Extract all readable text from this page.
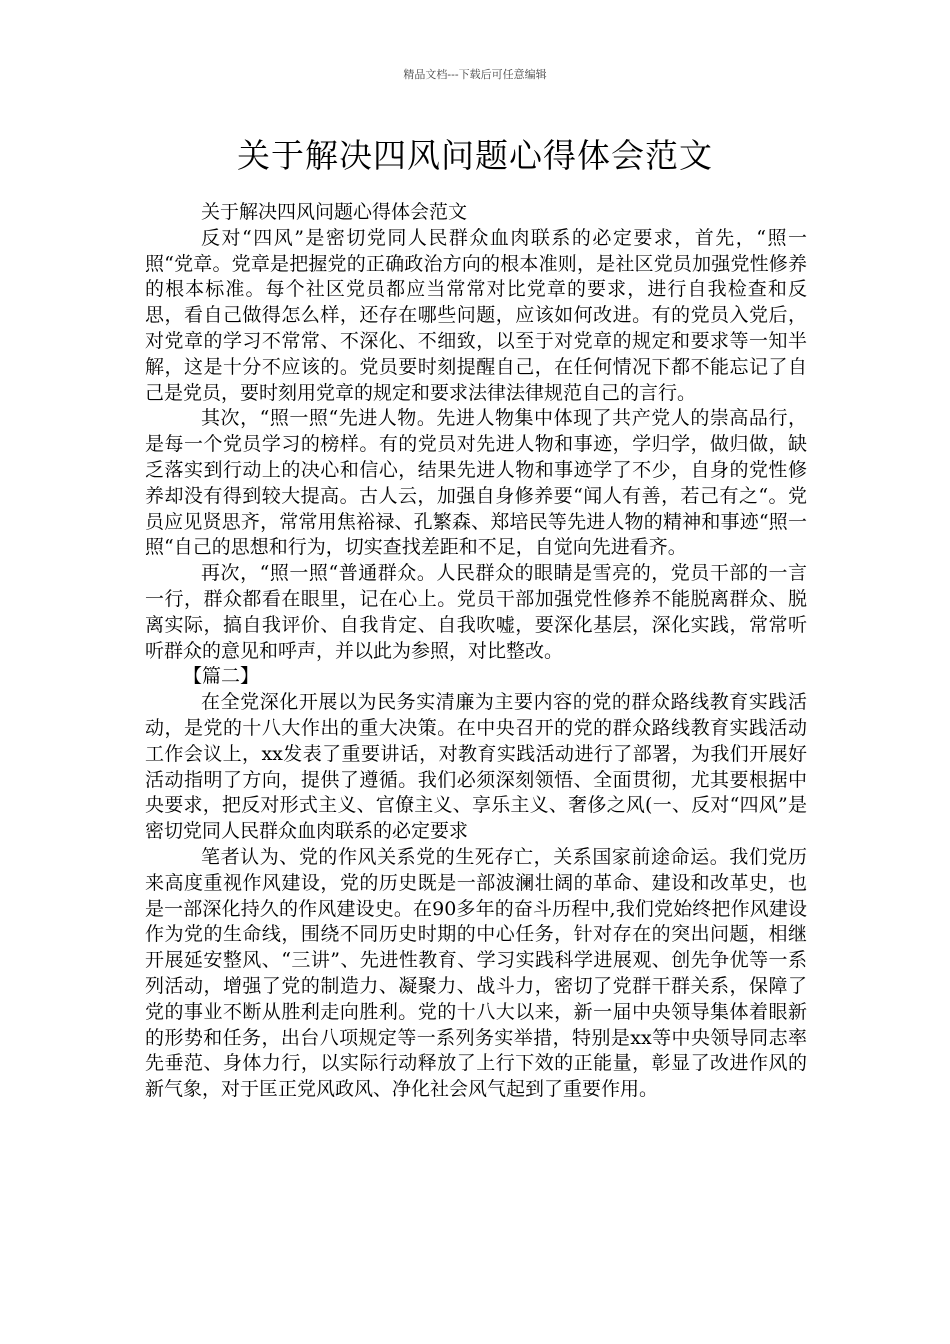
精品文档---下载后可任意编辑
关于解决四风问题心得体会范文

关于解决四风问题心得体会范文

反对“四风”是密切党同人民群众血肉联系的必定要求，首先，“照一照“党章。党章是把握党的正确政治方向的根本准则，是社区党员加强党性修养的根本标准。每个社区党员都应当常常对比党章的要求，进行自我检查和反思，看自己做得怎么样，还存在哪些问题，应该如何改进。有的党员入党后，对党章的学习不常常、不深化、不细致，以至于对党章的规定和要求等一知半解，这是十分不应该的。党员要时刻提醒自己，在任何情况下都不能忘记了自己是党员，要时刻用党章的规定和要求法律法律规范自己的言行。

其次，“照一照“先进人物。先进人物集中体现了共产党人的崇高品行，是每一个党员学习的榜样。有的党员对先进人物和事迹，学归学，做归做，缺乏落实到行动上的决心和信心，结果先进人物和事迹学了不少，自身的党性修养却没有得到较大提高。古人云，加强自身修养要“闻人有善，若己有之“。党员应见贤思齐，常常用焦裕禄、孔繁森、郑培民等先进人物的精神和事迹“照一照“自己的思想和行为，切实查找差距和不足，自觉向先进看齐。

再次，“照一照“普通群众。人民群众的眼睛是雪亮的，党员干部的一言一行，群众都看在眼里，记在心上。党员干部加强党性修养不能脱离群众、脱离实际，搞自我评价、自我肯定、自我吹嘘，要深化基层，深化实践，常常听听群众的意见和呼声，并以此为参照，对比整改。

【篇二】

在全党深化开展以为民务实清廉为主要内容的党的群众路线教育实践活动，是党的十八大作出的重大决策。在中央召开的党的群众路线教育实践活动工作会议上，xx发表了重要讲话，对教育实践活动进行了部署，为我们开展好活动指明了方向，提供了遵循。我们必须深刻领悟、全面贯彻，尤其要根据中央要求，把反对形式主义、官僚主义、享乐主义、奢侈之风(一、反对“四风”是密切党同人民群众血肉联系的必定要求

笔者认为、党的作风关系党的生死存亡，关系国家前途命运。我们党历来高度重视作风建设，党的历史既是一部波澜壮阔的革命、建设和改革史，也是一部深化持久的作风建设史。在90多年的奋斗历程中,我们党始终把作风建设作为党的生命线，围绕不同历史时期的中心任务，针对存在的突出问题，相继开展延安整风、“三讲”、先进性教育、学习实践科学进展观、创先争优等一系列活动，增强了党的制造力、凝聚力、战斗力，密切了党群干群关系，保障了党的事业不断从胜利走向胜利。党的十八大以来，新一届中央领导集体着眼新的形势和任务，出台八项规定等一系列务实举措，特别是xx等中央领导同志率先垂范、身体力行，以实际行动释放了上行下效的正能量，彰显了改进作风的新气象，对于匡正党风政风、净化社会风气起到了重要作用。
